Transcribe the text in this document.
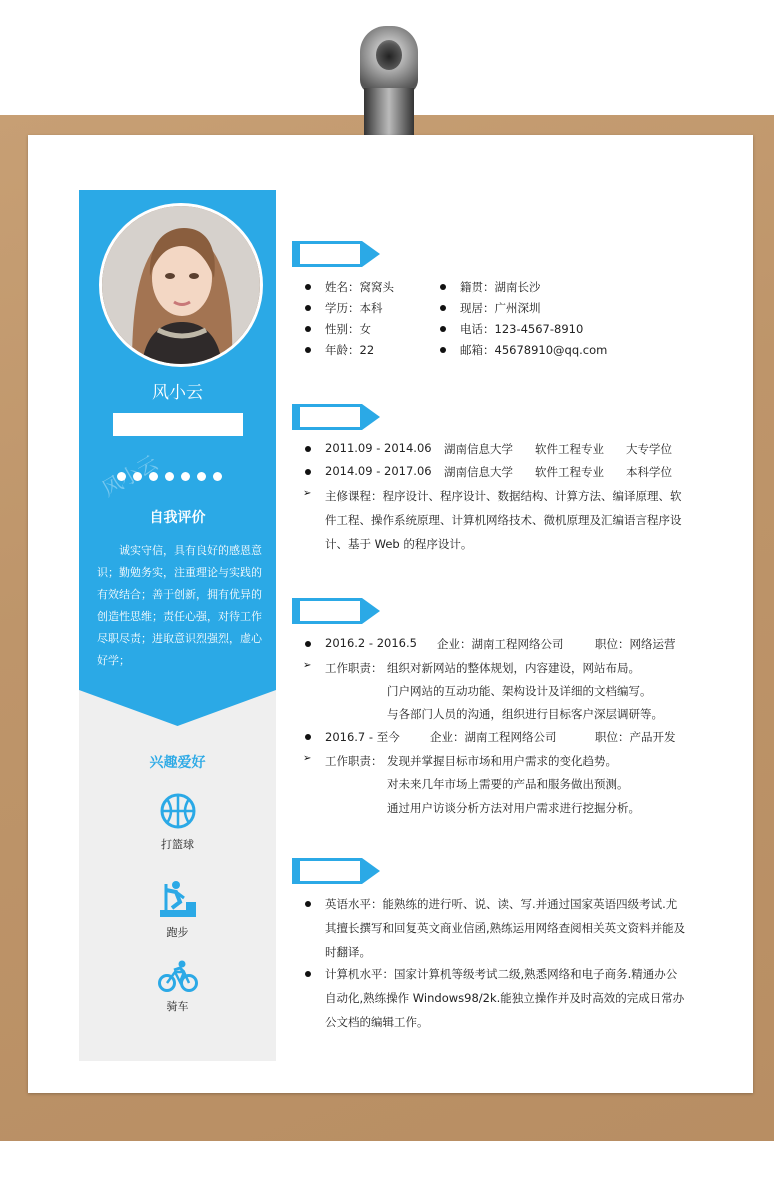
风小云
风小云
自我评价
诚实守信，具有良好的感恩意识；勤勉务实，注重理论与实践的有效结合；善于创新，拥有优异的创造性思维；责任心强，对待工作尽职尽责；进取意识烈强烈，虚心好学；
兴趣爱好
打篮球
跑步
骑车
姓名：窝窝头
学历：本科
性别：女
年龄：22
籍贯：湖南长沙
现居：广州深圳
电话：123-4567-8910
邮箱：45678910@qq.com
2011.09 - 2014.06 湖南信息大学 软件工程专业 大专学位
2014.09 - 2017.06 湖南信息大学 软件工程专业 本科学位
➢ 主修课程：程序设计、程序设计、数据结构、计算方法、编译原理、软
件工程、操作系统原理、计算机网络技术、微机原理及汇编语言程序设
计、基于 Web 的程序设计。
2016.2 - 2016.5 企业：湖南工程网络公司	职位：网络运营
➢ 工作职责： 组织对新网站的整体规划，内容建设，网站布局。
门户网站的互动功能、架构设计及详细的文档编写。
与各部门人员的沟通，组织进行目标客户深层调研等。
2016.7 - 至今	企业：湖南工程网络公司	职位：产品开发
➢ 工作职责： 发现并掌握目标市场和用户需求的变化趋势。
对未来几年市场上需要的产品和服务做出预测。
通过用户访谈分析方法对用户需求进行挖掘分析。
英语水平：能熟练的进行听、说、读、写.并通过国家英语四级考试.尤
其擅长撰写和回复英文商业信函,熟练运用网络查阅相关英文资料并能及
时翻译。
计算机水平：国家计算机等级考试二级,熟悉网络和电子商务.精通办公
自动化,熟练操作 Windows98/2k.能独立操作并及时高效的完成日常办
公文档的编辑工作。
